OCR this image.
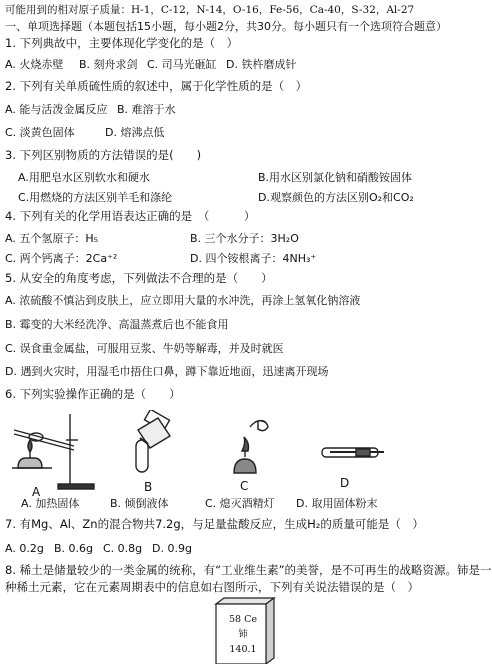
可能用到的相对原子质量：H-1，C-12，N-14，O-16，Fe-56，Ca-40，S-32，Al-27
一、单项选择题（本题包括15小题，每小题2分，共30分。每小题只有一个选项符合题意）
1. 下列典故中，主要体现化学变化的是（　）
A. 火烧赤壁 B. 刻舟求剑 C. 司马光砸缸 D. 铁杵磨成针
2. 下列有关单质硫性质的叙述中，属于化学性质的是（　）
A. 能与活泼金属反应 B. 难溶于水
C. 淡黄色固体	D. 熔沸点低
3. 下列区别物质的方法错误的是(　　)
A.用肥皂水区别软水和硬水	B.用水区别氯化钠和硝酸铵固体
C.用燃烧的方法区别羊毛和涤纶	D.观察颜色的方法区别O₂和CO₂
4. 下列有关的化学用语表达正确的是　（　　　）
A. 五个氢原子：H₅	B. 三个水分子：3H₂O
C. 两个钙离子：2Ca⁺²	D. 四个铵根离子：4NH₃⁺
5. 从安全的角度考虑，下列做法不合理的是（　　）
A. 浓硫酸不慎沾到皮肤上，应立即用大量的水冲洗，再涂上氢氧化钠溶液
B. 霉变的大米经洗净、高温蒸煮后也不能食用
C. 误食重金属盐，可服用豆浆、牛奶等解毒，并及时就医
D. 遇到火灾时，用湿毛巾捂住口鼻，蹲下靠近地面，迅速离开现场
6. 下列实验操作正确的是（　　）
A	B	C	D
A. 加热固体	B. 倾倒液体	C. 熄灭酒精灯 D. 取用固体粉末
7. 有Mg、Al、Zn的混合物共7.2g，与足量盐酸反应，生成H₂的质量可能是（　）
A. 0.2g B. 0.6g C. 0.8g D. 0.9g
8. 稀土是储量较少的一类金属的统称，有“工业维生素”的美誉，是不可再生的战略资源。铈是一
种稀土元素，它在元素周期表中的信息如右图所示，下列有关说法错误的是（　）
58 Ce
铈
140.1
